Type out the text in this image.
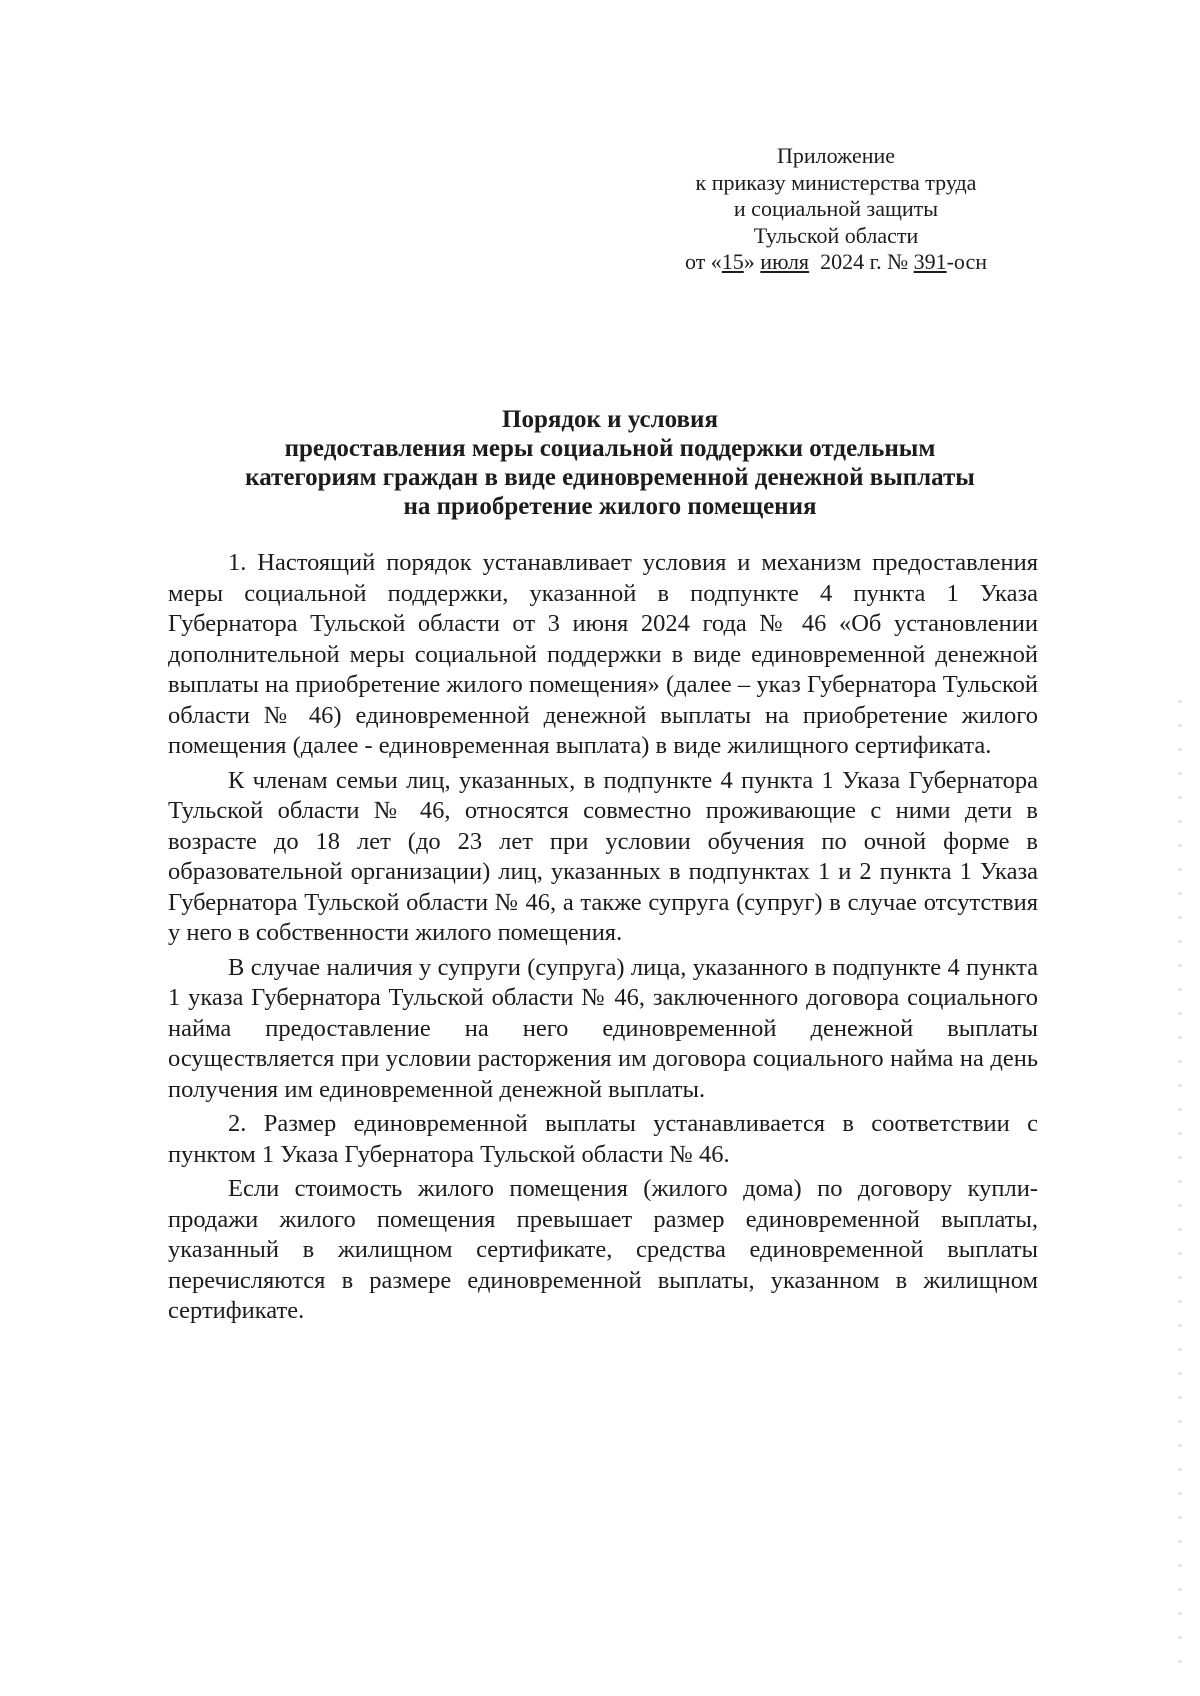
Приложение
к приказу министерства труда
и социальной защиты
Тульской области
от «15» июля  2024 г. № 391-осн
Порядок и условия
предоставления меры социальной поддержки отдельным
категориям граждан в виде единовременной денежной выплаты
на приобретение жилого помещения

1. Настоящий порядок устанавливает условия и механизм предоставления меры социальной поддержки, указанной в подпункте 4 пункта 1 Указа Губернатора Тульской области от 3 июня 2024 года № 46 «Об установлении дополнительной меры социальной поддержки в виде единовременной денежной выплаты на приобретение жилого помещения» (далее – указ Губернатора Тульской области № 46) единовременной денежной выплаты на приобретение жилого помещения (далее - единовременная выплата) в виде жилищного сертификата.

К членам семьи лиц, указанных, в подпункте 4 пункта 1 Указа Губернатора Тульской области № 46, относятся совместно проживающие с ними дети в возрасте до 18 лет (до 23 лет при условии обучения по очной форме в образовательной организации) лиц, указанных в подпунктах 1 и 2 пункта 1 Указа Губернатора Тульской области № 46, а также супруга (супруг) в случае отсутствия у него в собственности жилого помещения.

В случае наличия у супруги (супруга) лица, указанного в подпункте 4 пункта 1 указа Губернатора Тульской области № 46, заключенного договора социального найма предоставление на него единовременной денежной выплаты осуществляется при условии расторжения им договора социального найма на день получения им единовременной денежной выплаты.

2. Размер единовременной выплаты устанавливается в соответствии с пунктом 1 Указа Губернатора Тульской области № 46.

Если стоимость жилого помещения (жилого дома) по договору купли-продажи жилого помещения превышает размер единовременной выплаты, указанный в жилищном сертификате, средства единовременной выплаты перечисляются в размере единовременной выплаты, указанном в жилищном сертификате.
